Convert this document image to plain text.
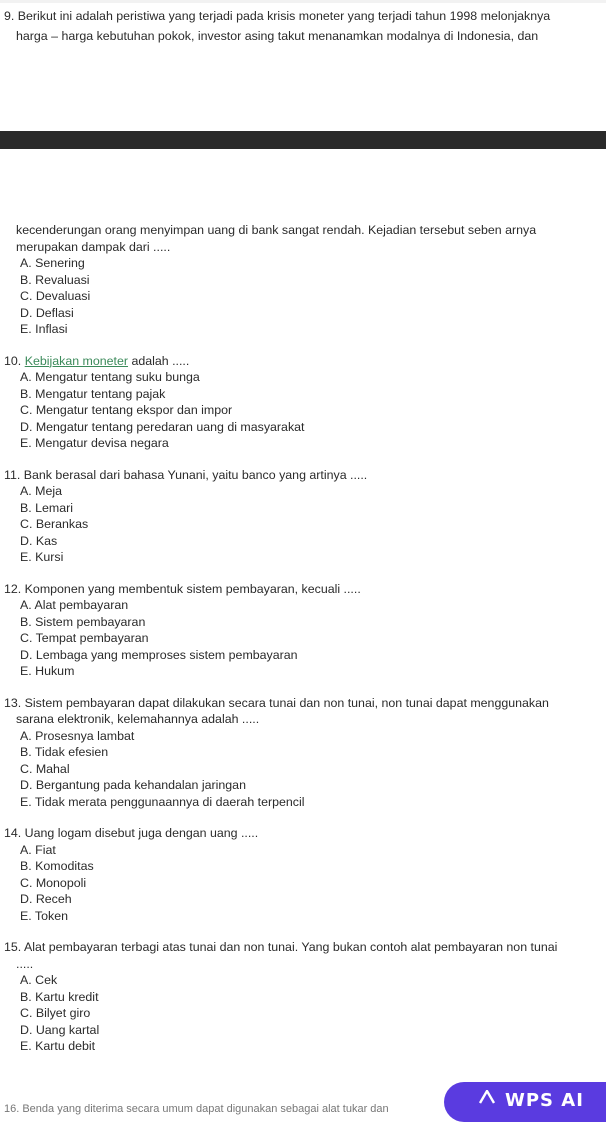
9. Berikut ini adalah peristiwa yang terjadi pada krisis moneter yang terjadi tahun 1998 melonjaknya

harga – harga kebutuhan pokok, investor asing takut menanamkan modalnya di Indonesia, dan

kecenderungan orang menyimpan uang di bank sangat rendah. Kejadian tersebut seben arnya

merupakan dampak dari .....

A. Senering

B. Revaluasi

C. Devaluasi

D. Deflasi

E. Inflasi

10. Kebijakan moneter adalah .....

A. Mengatur tentang suku bunga

B. Mengatur tentang pajak

C. Mengatur tentang ekspor dan impor

D. Mengatur tentang peredaran uang di masyarakat

E. Mengatur devisa negara

11. Bank berasal dari bahasa Yunani, yaitu banco yang artinya .....

A. Meja

B. Lemari

C. Berankas

D. Kas

E. Kursi

12. Komponen yang membentuk sistem pembayaran, kecuali .....

A. Alat pembayaran

B. Sistem pembayaran

C. Tempat pembayaran

D. Lembaga yang memproses sistem pembayaran

E. Hukum

13. Sistem pembayaran dapat dilakukan secara tunai dan non tunai, non tunai dapat menggunakan

sarana elektronik, kelemahannya adalah .....

A. Prosesnya lambat

B. Tidak efesien

C. Mahal

D. Bergantung pada kehandalan jaringan

E. Tidak merata penggunaannya di daerah terpencil

14. Uang logam disebut juga dengan uang .....

A. Fiat

B. Komoditas

C. Monopoli

D. Receh

E. Token

15. Alat pembayaran terbagi atas tunai dan non tunai. Yang bukan contoh alat pembayaran non tunai

.....

A. Cek

B. Kartu kredit

C. Bilyet giro

D. Uang kartal

E. Kartu debit

16. Benda yang diterima secara umum dapat digunakan sebagai alat tukar dan	WPS AI
